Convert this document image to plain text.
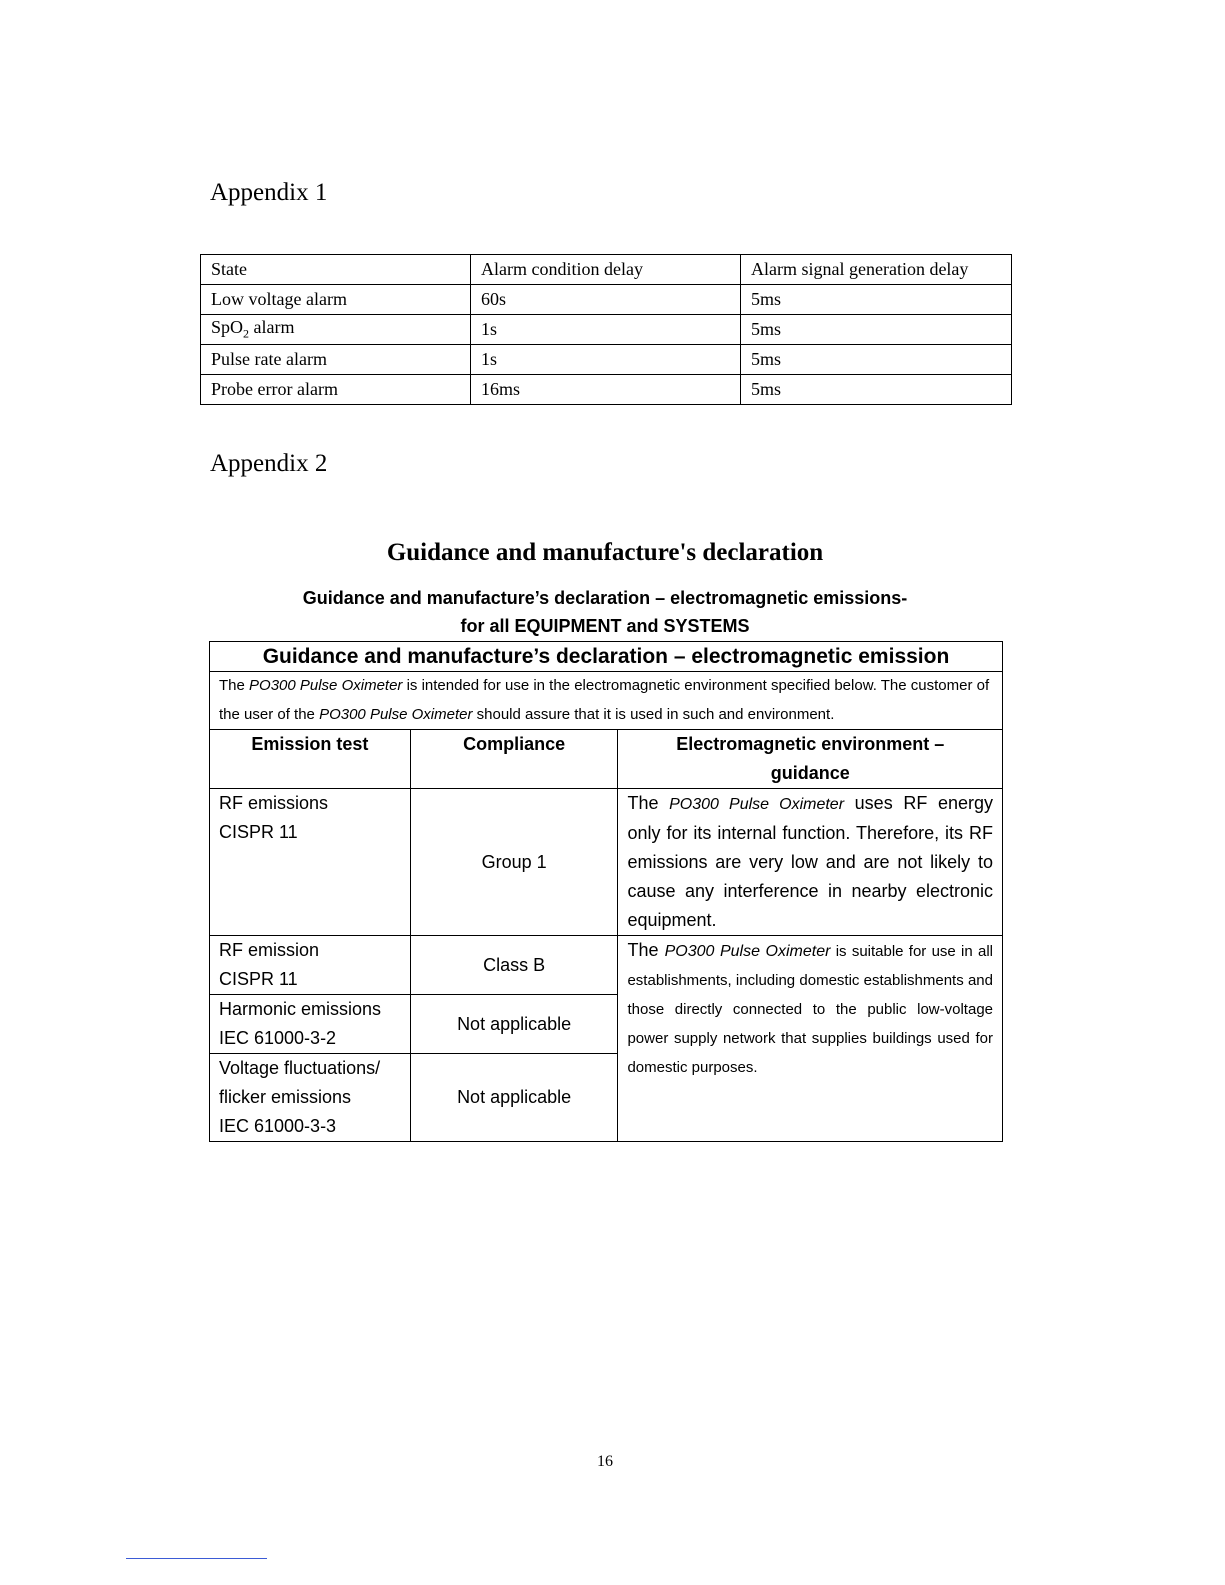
Appendix 1
State	Alarm condition delay	Alarm signal generation delay
Low voltage alarm	60s	5ms
SpO$_2$ alarm	1s	5ms
Pulse rate alarm	1s	5ms
Probe error alarm	16ms	5ms
Appendix 2
Guidance and manufacture's declaration
Guidance and manufacture’s declaration – electromagnetic emissions-
for all EQUIPMENT and SYSTEMS
Guidance and manufacture’s declaration – electromagnetic emission		
The PO300 Pulse Oximeter is intended for use in the electromagnetic environment specified below. The customer of the user of the PO300 Pulse Oximeter should assure that it is used in such and environment.		
Emission test	Compliance	Electromagnetic environment – guidance

RF emissions
CISPR 11	Group 1	The PO300 Pulse Oximeter uses RF energy only for its internal function. Therefore, its RF emissions are very low and are not likely to cause any interference in nearby electronic equipment.

RF emission
CISPR 11	Class B	The PO300 Pulse Oximeter is suitable for use in all establishments, including domestic establishments and those directly connected to the public low-voltage power supply network that supplies buildings used for domestic purposes.

Harmonic emissions
IEC 61000-3-2	Not applicable	

Voltage fluctuations/
flicker emissions
IEC 61000-3-3	Not applicable	
16
